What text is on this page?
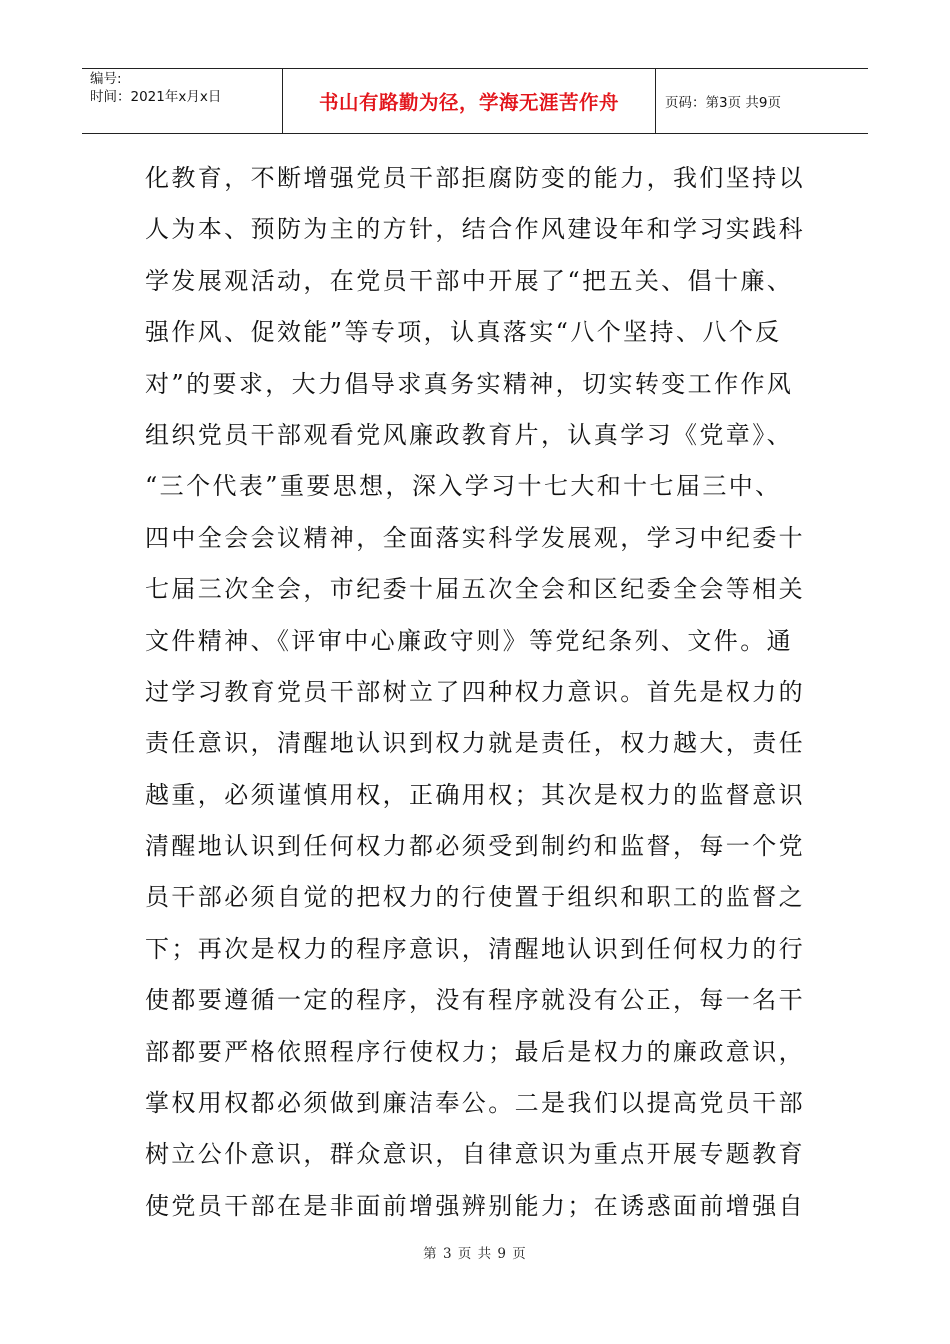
编号:
时间：2021年x月x日	书山有路勤为径，学海无涯苦作舟	页码：第3页 共9页
化教育，不断增强党员干部拒腐防变的能力，我们坚持以
人为本、预防为主的方针，结合作风建设年和学习实践科
学发展观活动，在党员干部中开展了“把五关、倡十廉、
强作风、促效能”等专项，认真落实“八个坚持、八个反
对”的要求，大力倡导求真务实精神，切实转变工作作风
组织党员干部观看党风廉政教育片，认真学习《党章》、
“三个代表”重要思想，深入学习十七大和十七届三中、
四中全会会议精神，全面落实科学发展观，学习中纪委十
七届三次全会，市纪委十届五次全会和区纪委全会等相关
文件精神、《评审中心廉政守则》等党纪条列、文件。通
过学习教育党员干部树立了四种权力意识。首先是权力的
责任意识，清醒地认识到权力就是责任，权力越大，责任
越重，必须谨慎用权，正确用权；其次是权力的监督意识
清醒地认识到任何权力都必须受到制约和监督，每一个党
员干部必须自觉的把权力的行使置于组织和职工的监督之
下；再次是权力的程序意识，清醒地认识到任何权力的行
使都要遵循一定的程序，没有程序就没有公正，每一名干
部都要严格依照程序行使权力；最后是权力的廉政意识，
掌权用权都必须做到廉洁奉公。二是我们以提高党员干部
树立公仆意识，群众意识，自律意识为重点开展专题教育
使党员干部在是非面前增强辨别能力；在诱惑面前增强自
第 3 页 共 9 页
